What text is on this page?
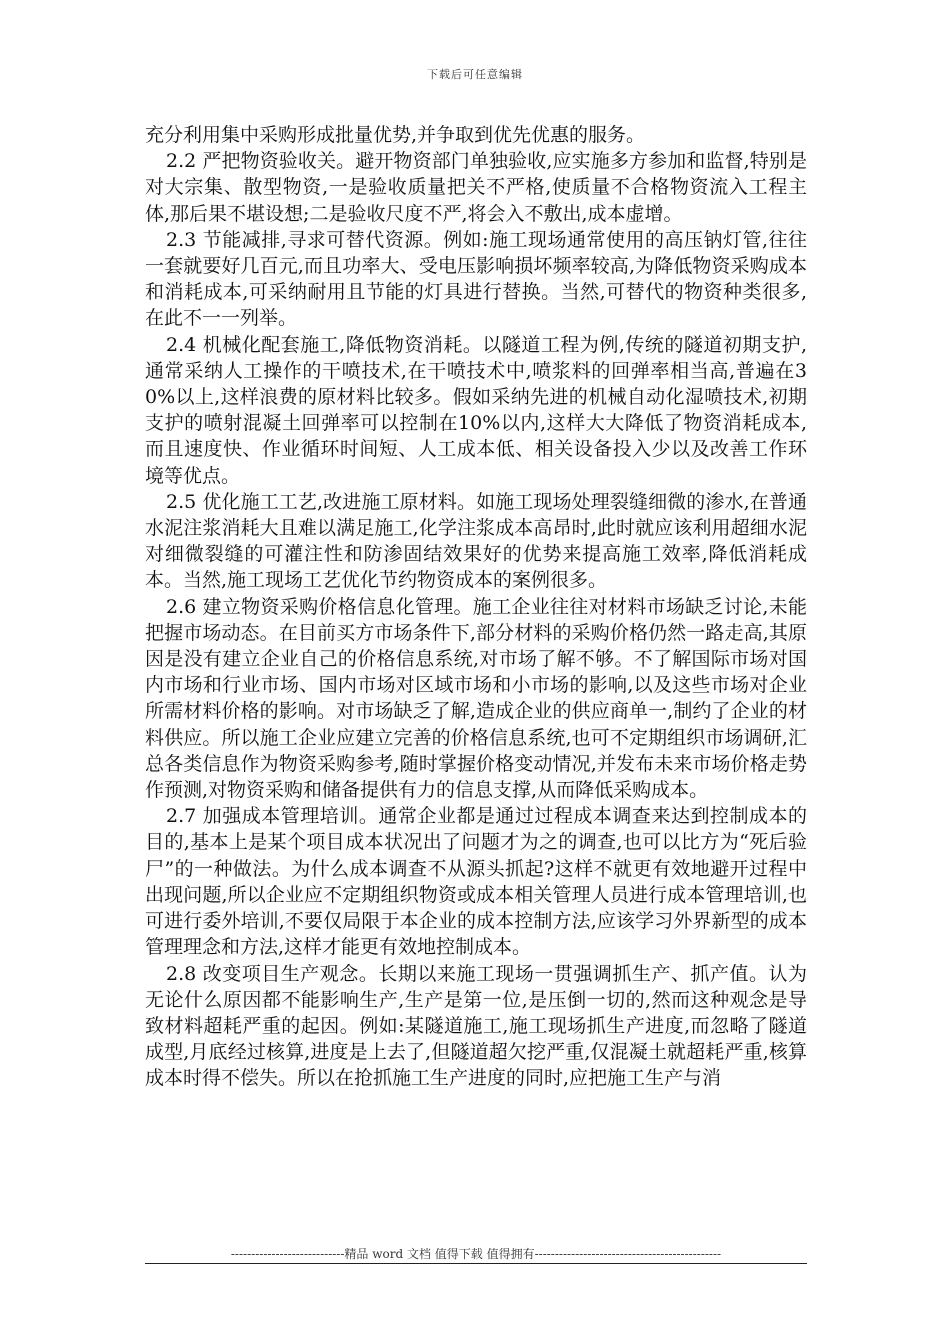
下载后可任意编辑

充分利用集中采购形成批量优势,并争取到优先优惠的服务。

2.2 严把物资验收关。避开物资部门单独验收,应实施多方参加和监督,特别是对大宗集、散型物资,一是验收质量把关不严格,使质量不合格物资流入工程主体,那后果不堪设想;二是验收尺度不严,将会入不敷出,成本虚增。

2.3 节能减排,寻求可替代资源。例如:施工现场通常使用的高压钠灯管,往往一套就要好几百元,而且功率大、受电压影响损坏频率较高,为降低物资采购成本和消耗成本,可采纳耐用且节能的灯具进行替换。当然,可替代的物资种类很多,在此不一一列举。

2.4 机械化配套施工,降低物资消耗。以隧道工程为例,传统的隧道初期支护,通常采纳人工操作的干喷技术,在干喷技术中,喷浆料的回弹率相当高,普遍在30%以上,这样浪费的原材料比较多。假如采纳先进的机械自动化湿喷技术,初期支护的喷射混凝土回弹率可以控制在10%以内,这样大大降低了物资消耗成本,而且速度快、作业循环时间短、人工成本低、相关设备投入少以及改善工作环境等优点。

2.5 优化施工工艺,改进施工原材料。如施工现场处理裂缝细微的渗水,在普通水泥注浆消耗大且难以满足施工,化学注浆成本高昂时,此时就应该利用超细水泥对细微裂缝的可灌注性和防渗固结效果好的优势来提高施工效率,降低消耗成本。当然,施工现场工艺优化节约物资成本的案例很多。

2.6 建立物资采购价格信息化管理。施工企业往往对材料市场缺乏讨论,未能把握市场动态。在目前买方市场条件下,部分材料的采购价格仍然一路走高,其原因是没有建立企业自己的价格信息系统,对市场了解不够。不了解国际市场对国内市场和行业市场、国内市场对区域市场和小市场的影响,以及这些市场对企业所需材料价格的影响。对市场缺乏了解,造成企业的供应商单一,制约了企业的材料供应。所以施工企业应建立完善的价格信息系统,也可不定期组织市场调研,汇总各类信息作为物资采购参考,随时掌握价格变动情况,并发布未来市场价格走势作预测,对物资采购和储备提供有力的信息支撑,从而降低采购成本。

2.7 加强成本管理培训。通常企业都是通过过程成本调查来达到控制成本的目的,基本上是某个项目成本状况出了问题才为之的调查,也可以比方为“死后验尸”的一种做法。为什么成本调查不从源头抓起?这样不就更有效地避开过程中出现问题,所以企业应不定期组织物资或成本相关管理人员进行成本管理培训,也可进行委外培训,不要仅局限于本企业的成本控制方法,应该学习外界新型的成本管理理念和方法,这样才能更有效地控制成本。

2.8 改变项目生产观念。长期以来施工现场一贯强调抓生产、抓产值。认为无论什么原因都不能影响生产,生产是第一位,是压倒一切的,然而这种观念是导致材料超耗严重的起因。例如:某隧道施工,施工现场抓生产进度,而忽略了隧道成型,月底经过核算,进度是上去了,但隧道超欠挖严重,仅混凝土就超耗严重,核算成本时得不偿失。所以在抢抓施工生产进度的同时,应把施工生产与消

----------------------------精品 word 文档 值得下载 值得拥有----------------------------------------------
